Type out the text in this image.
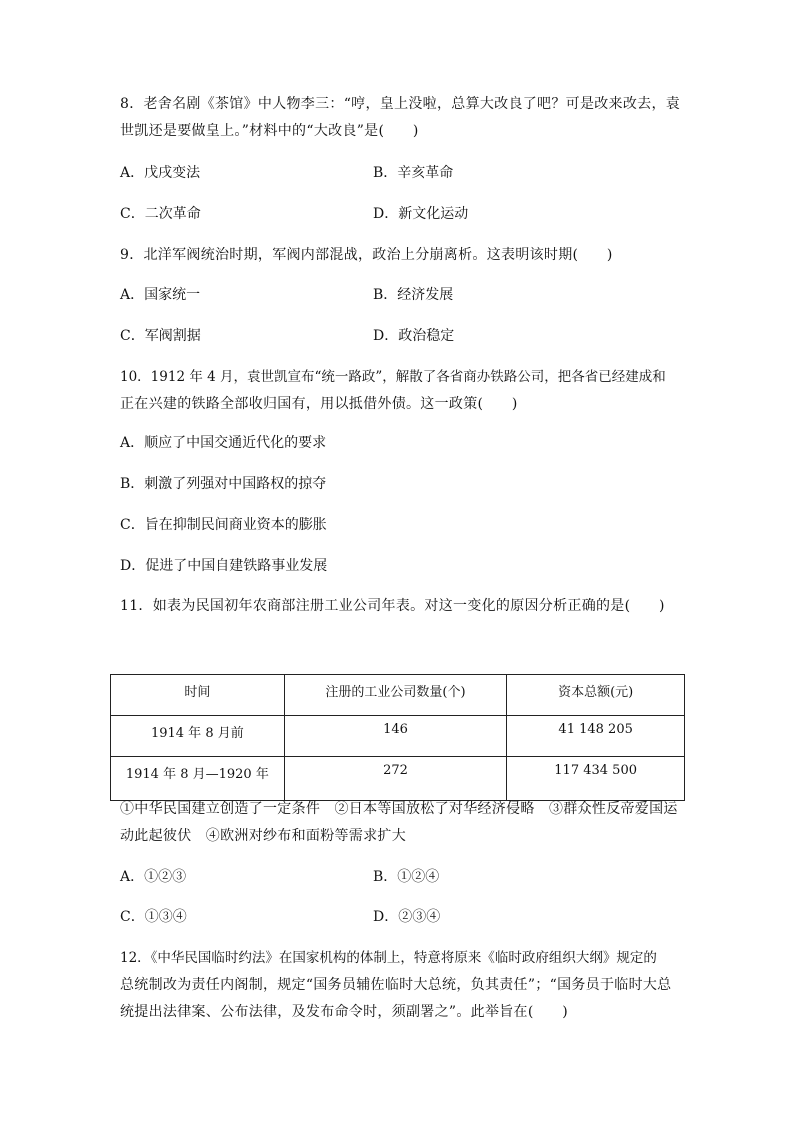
8．老舍名剧《茶馆》中人物李三：“哼，皇上没啦，总算大改良了吧？可是改来改去，袁
世凯还是要做皇上。”材料中的“大改良”是(　　)
A．戊戌变法	B．辛亥革命
C．二次革命	D．新文化运动
9．北洋军阀统治时期，军阀内部混战，政治上分崩离析。这表明该时期(　　)
A．国家统一	B．经济发展
C．军阀割据	D．政治稳定
10．1912 年 4 月，袁世凯宣布“统一路政”，解散了各省商办铁路公司，把各省已经建成和
正在兴建的铁路全部收归国有，用以抵借外债。这一政策(　　)
A．顺应了中国交通近代化的要求
B．刺激了列强对中国路权的掠夺
C．旨在抑制民间商业资本的膨胀
D．促进了中国自建铁路事业发展
11．如表为民国初年农商部注册工业公司年表。对这一变化的原因分析正确的是(　　)
时间	注册的工业公司数量(个)	资本总额(元)
1914 年 8 月前	146	41 148 205
1914 年 8 月—1920 年	272	117 434 500
①中华民国建立创造了一定条件　②日本等国放松了对华经济侵略　③群众性反帝爱国运
动此起彼伏　④欧洲对纱布和面粉等需求扩大
A．①②③	B．①②④
C．①③④	D．②③④
12．《中华民国临时约法》在国家机构的体制上，特意将原来《临时政府组织大纲》规定的
总统制改为责任内阁制，规定“国务员辅佐临时大总统，负其责任”；“国务员于临时大总
统提出法律案、公布法律，及发布命令时，须副署之”。此举旨在(　　)
